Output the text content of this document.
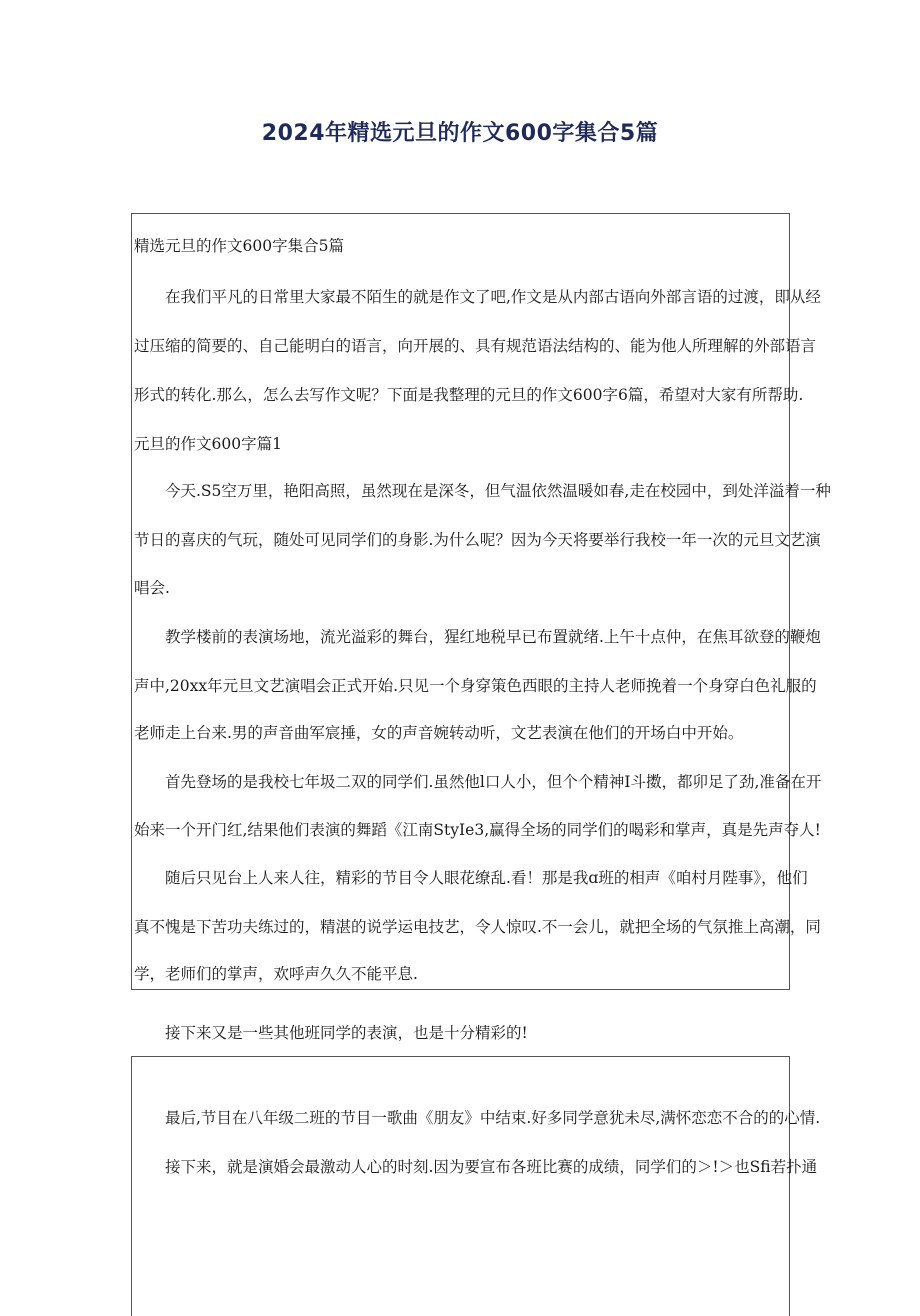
2024年精选元旦的作文600字集合5篇
精选元旦的作文600字集合5篇
在我们平凡的日常里大家最不陌生的就是作文了吧,作文是从内部古语向外部言语的过渡，即从经
过压缩的简要的、自己能明白的语言，向开展的、具有规范语法结构的、能为他人所理解的外部语言
形式的转化.那么，怎么去写作文呢？下面是我整理的元旦的作文600字6篇，希望对大家有所帮助.
元旦的作文600字篇1
今天.S5空万里，艳阳高照，虽然现在是深冬，但气温依然温暖如春,走在校园中，到处洋溢着一种
节日的喜庆的气玩，随处可见同学们的身影.为什么呢？因为今天将要举行我校一年一次的元旦文艺演
唱会.
教学楼前的表演场地，流光溢彩的舞台，猩红地税早已布置就绪.上午十点仲，在焦耳欲登的鞭炮
声中,20xx年元旦文艺演唱会正式开始.只见一个身穿策色西眼的主持人老师挽着一个身穿白色礼服的
老师走上台来.男的声音曲军宸捶，女的声音婉转动听，文艺表演在他们的开场白中开始。
首先登场的是我校七年圾二双的同学们.虽然他l口人小，但个个精神I斗擞，都卯足了劲,准备在开
始来一个开门红,结果他们表演的舞蹈《江南StyIe3,赢得全场的同学们的喝彩和掌声，真是先声夺人!
随后只见台上人来人往，精彩的节目令人眼花缭乱.看！那是我ɑ班的相声《咱村月陛事》，他们
真不愧是下苦功夫练过的，精湛的说学运电技艺，令人惊叹.不一会儿，就把全场的气氛推上高潮，同
学，老师们的掌声，欢呼声久久不能平息.
接下来又是一些其他班同学的表演，也是十分精彩的!
最后,节目在八年级二班的节目一歌曲《朋友》中结束.好多同学意犹未尽,满怀恋恋不合的的心情.
接下来，就是演婚会最激动人心的时刻.因为要宣布各班比赛的成绩，同学们的＞!＞也Sfi若扑通
